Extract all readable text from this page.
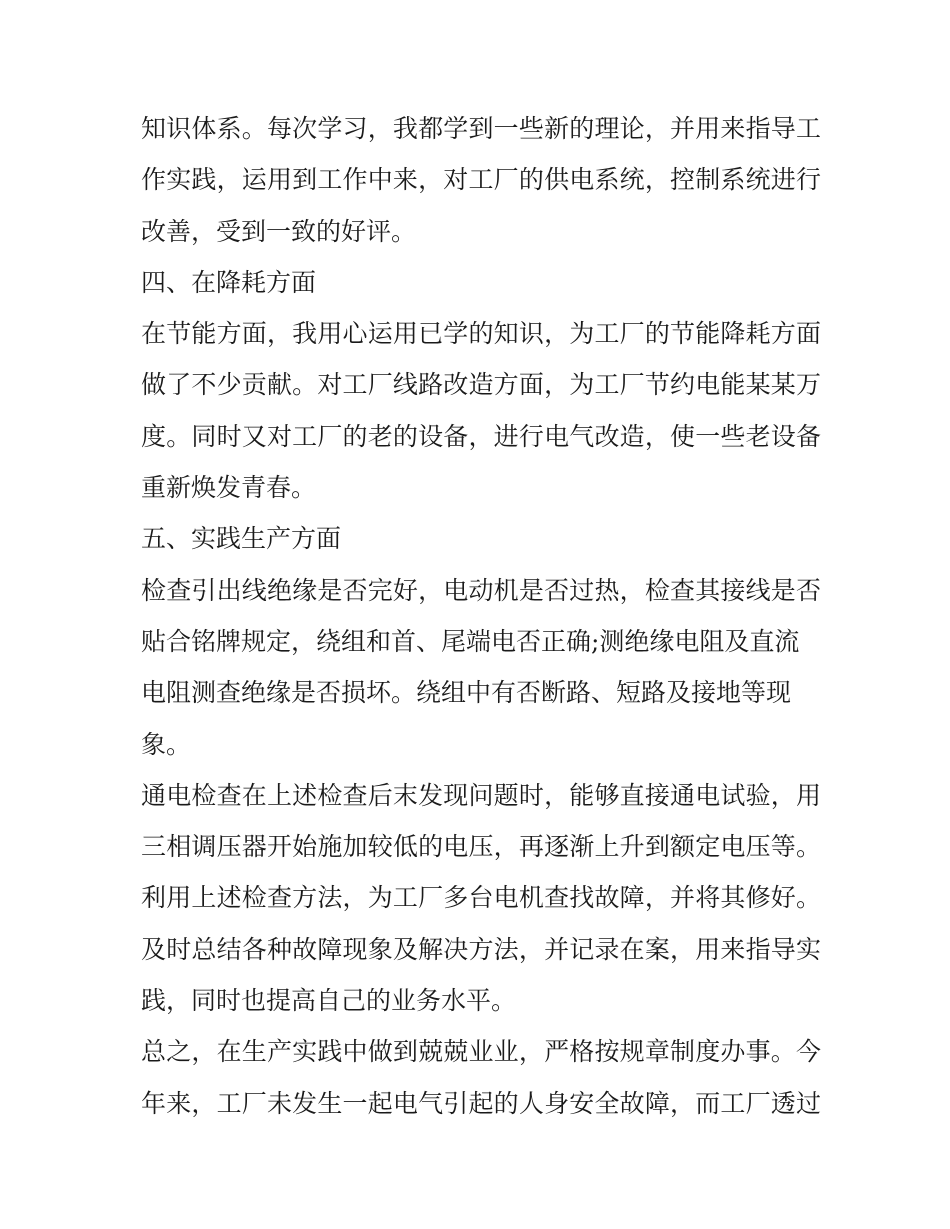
知识体系。每次学习，我都学到一些新的理论，并用来指导工
作实践，运用到工作中来，对工厂的供电系统，控制系统进行
改善，受到一致的好评。
四、在降耗方面
在节能方面，我用心运用已学的知识，为工厂的节能降耗方面
做了不少贡献。对工厂线路改造方面，为工厂节约电能某某万
度。同时又对工厂的老的设备，进行电气改造，使一些老设备
重新焕发青春。
五、实践生产方面
检查引出线绝缘是否完好，电动机是否过热，检查其接线是否
贴合铭牌规定，绕组和首、尾端电否正确;测绝缘电阻及直流
电阻测查绝缘是否损坏。绕组中有否断路、短路及接地等现
象。
通电检查在上述检查后末发现问题时，能够直接通电试验，用
三相调压器开始施加较低的电压，再逐渐上升到额定电压等。
利用上述检查方法，为工厂多台电机查找故障，并将其修好。
及时总结各种故障现象及解决方法，并记录在案，用来指导实
践，同时也提高自己的业务水平。
总之，在生产实践中做到兢兢业业，严格按规章制度办事。今
年来，工厂未发生一起电气引起的人身安全故障，而工厂透过
